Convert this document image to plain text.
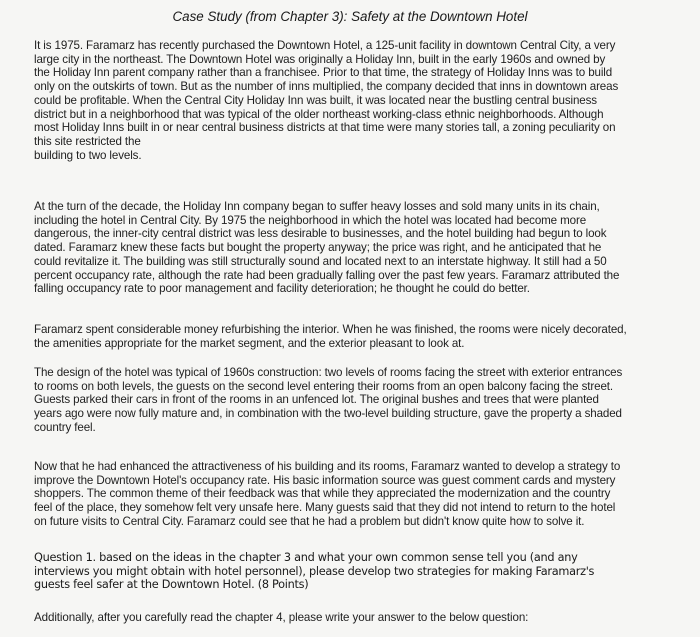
Case Study (from Chapter 3): Safety at the Downtown Hotel
It is 1975. Faramarz has recently purchased the Downtown Hotel, a 125-unit facility in downtown Central City, a very
large city in the northeast. The Downtown Hotel was originally a Holiday Inn, built in the early 1960s and owned by
the Holiday Inn parent company rather than a franchisee. Prior to that time, the strategy of Holiday Inns was to build
only on the outskirts of town. But as the number of inns multiplied, the company decided that inns in downtown areas
could be profitable. When the Central City Holiday Inn was built, it was located near the bustling central business
district but in a neighborhood that was typical of the older northeast working-class ethnic neighborhoods. Although
most Holiday Inns built in or near central business districts at that time were many stories tall, a zoning peculiarity on
this site restricted the
building to two levels.
At the turn of the decade, the Holiday Inn company began to suffer heavy losses and sold many units in its chain,
including the hotel in Central City. By 1975 the neighborhood in which the hotel was located had become more
dangerous, the inner-city central district was less desirable to businesses, and the hotel building had begun to look
dated. Faramarz knew these facts but bought the property anyway; the price was right, and he anticipated that he
could revitalize it. The building was still structurally sound and located next to an interstate highway. It still had a 50
percent occupancy rate, although the rate had been gradually falling over the past few years. Faramarz attributed the
falling occupancy rate to poor management and facility deterioration; he thought he could do better.
Faramarz spent considerable money refurbishing the interior. When he was finished, the rooms were nicely decorated,
the amenities appropriate for the market segment, and the exterior pleasant to look at.
The design of the hotel was typical of 1960s construction: two levels of rooms facing the street with exterior entrances
to rooms on both levels, the guests on the second level entering their rooms from an open balcony facing the street.
Guests parked their cars in front of the rooms in an unfenced lot. The original bushes and trees that were planted
years ago were now fully mature and, in combination with the two-level building structure, gave the property a shaded
country feel.
Now that he had enhanced the attractiveness of his building and its rooms, Faramarz wanted to develop a strategy to
improve the Downtown Hotel's occupancy rate. His basic information source was guest comment cards and mystery
shoppers. The common theme of their feedback was that while they appreciated the modernization and the country
feel of the place, they somehow felt very unsafe here. Many guests said that they did not intend to return to the hotel
on future visits to Central City. Faramarz could see that he had a problem but didn't know quite how to solve it.
Question 1. based on the ideas in the chapter 3 and what your own common sense tell you (and any
interviews you might obtain with hotel personnel), please develop two strategies for making Faramarz's
guests feel safer at the Downtown Hotel. (8 Points)
Additionally, after you carefully read the chapter 4, please write your answer to the below question:
